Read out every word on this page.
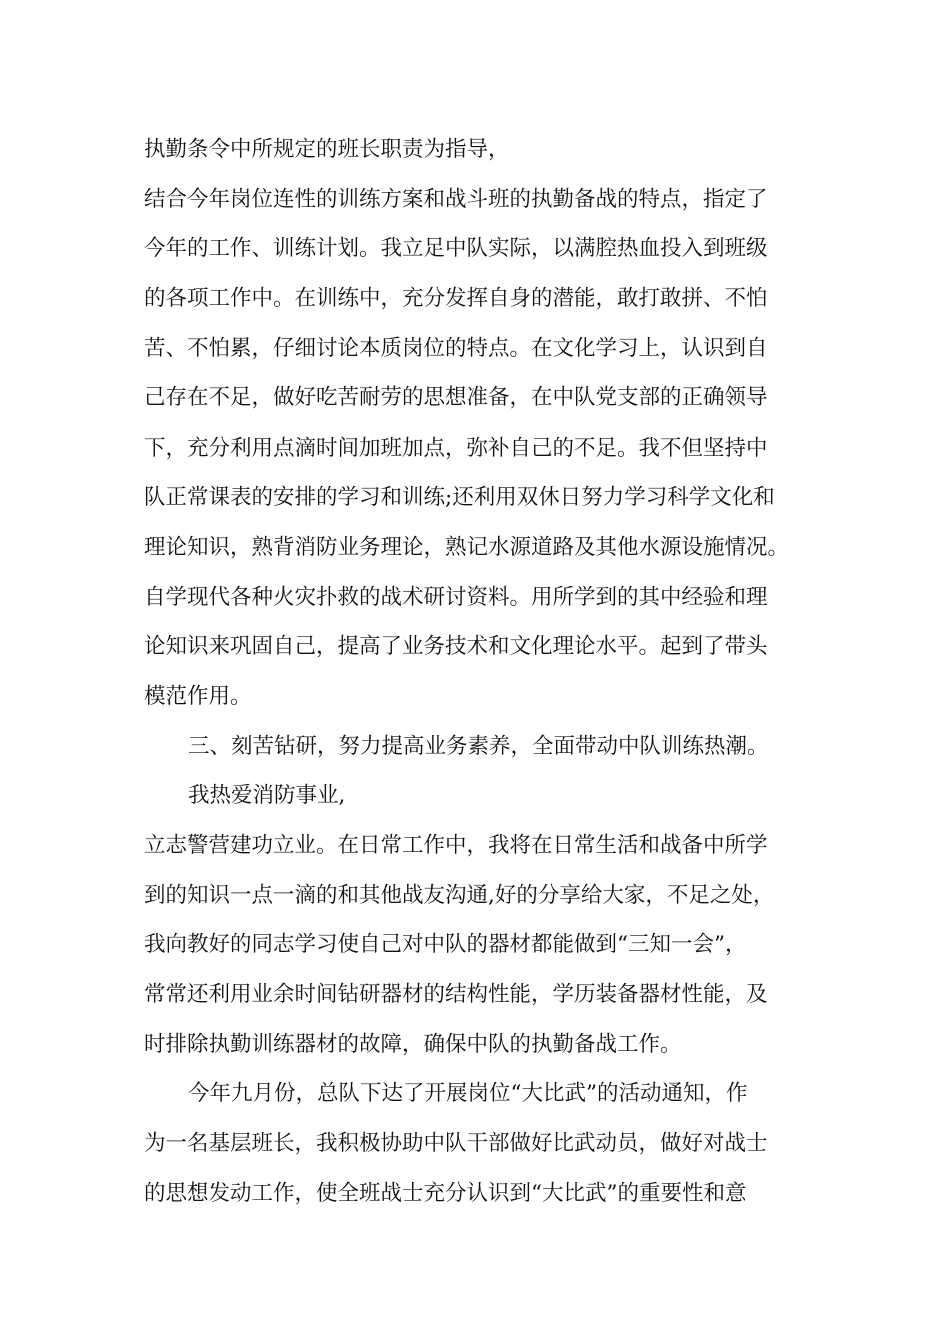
执勤条令中所规定的班长职责为指导，
结合今年岗位连性的训练方案和战斗班的执勤备战的特点，指定了
今年的工作、训练计划。我立足中队实际，以满腔热血投入到班级
的各项工作中。在训练中，充分发挥自身的潜能，敢打敢拼、不怕
苦、不怕累，仔细讨论本质岗位的特点。在文化学习上，认识到自
己存在不足，做好吃苦耐劳的思想准备，在中队党支部的正确领导
下，充分利用点滴时间加班加点，弥补自己的不足。我不但坚持中
队正常课表的安排的学习和训练;还利用双休日努力学习科学文化和
理论知识，熟背消防业务理论，熟记水源道路及其他水源设施情况。
自学现代各种火灾扑救的战术研讨资料。用所学到的其中经验和理
论知识来巩固自己，提高了业务技术和文化理论水平。起到了带头
模范作用。
三、刻苦钻研，努力提高业务素养，全面带动中队训练热潮。
我热爱消防事业,
立志警营建功立业。在日常工作中，我将在日常生活和战备中所学
到的知识一点一滴的和其他战友沟通,好的分享给大家，不足之处，
我向教好的同志学习使自己对中队的器材都能做到“三知一会”，
常常还利用业余时间钻研器材的结构性能，学历装备器材性能，及
时排除执勤训练器材的故障，确保中队的执勤备战工作。
今年九月份，总队下达了开展岗位“大比武”的活动通知，作
为一名基层班长，我积极协助中队干部做好比武动员，做好对战士
的思想发动工作，使全班战士充分认识到“大比武”的重要性和意
